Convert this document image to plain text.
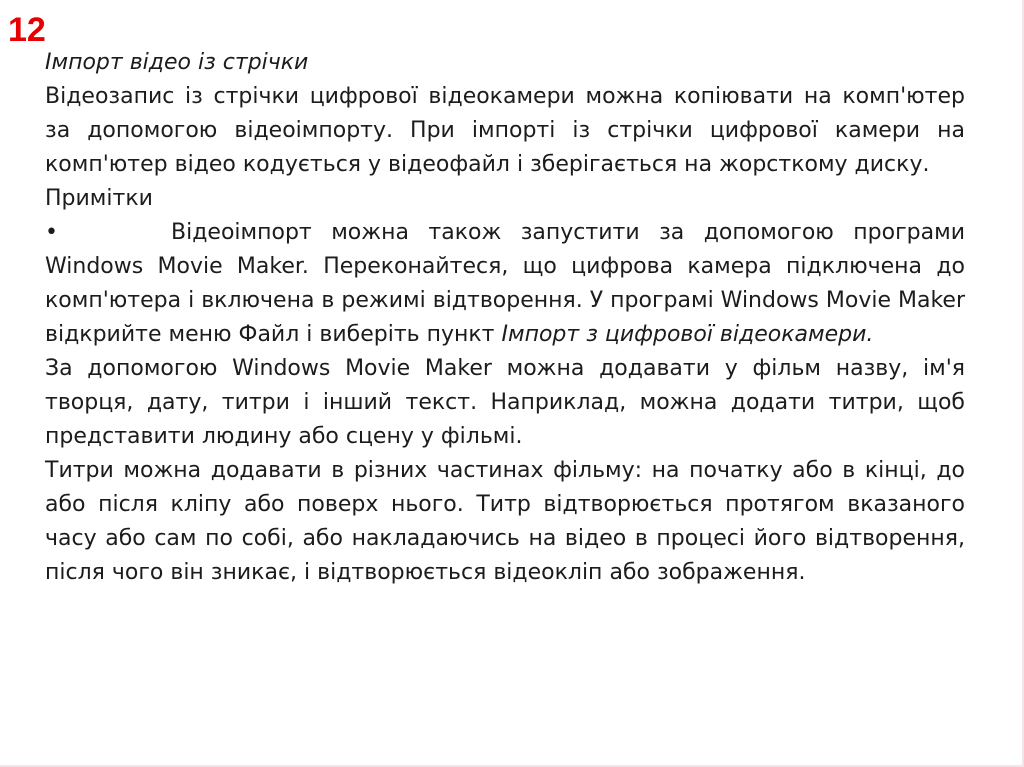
12

Імпорт відео із стрічки

Відеозапис із стрічки цифрової відеокамери можна копіювати на комп'ютер за допомогою відеоімпорту. При імпорті із стрічки цифрової камери на комп'ютер відео кодується у відеофайл і зберігається на жорсткому диску.

Примітки

•	Відеоімпорт можна також запустити за допомогою програми Windows Movie Maker. Переконайтеся, що цифрова камера підключена до комп'ютера і включена в режимі відтворення. У програмі Windows Movie Maker відкрийте меню Файл і виберіть пункт Імпорт з цифрової відеокамери.

За допомогою Windows Movie Maker можна додавати у фільм назву, ім'я творця, дату, титри і інший текст. Наприклад, можна додати титри, щоб представити людину або сцену у фільмі.

Титри можна додавати в різних частинах фільму: на початку або в кінці, до або після кліпу або поверх нього. Титр відтворюється протягом вказаного часу або сам по собі, або накладаючись на відео в процесі його відтворення, після чого він зникає, і відтворюється відеокліп або зображення.
